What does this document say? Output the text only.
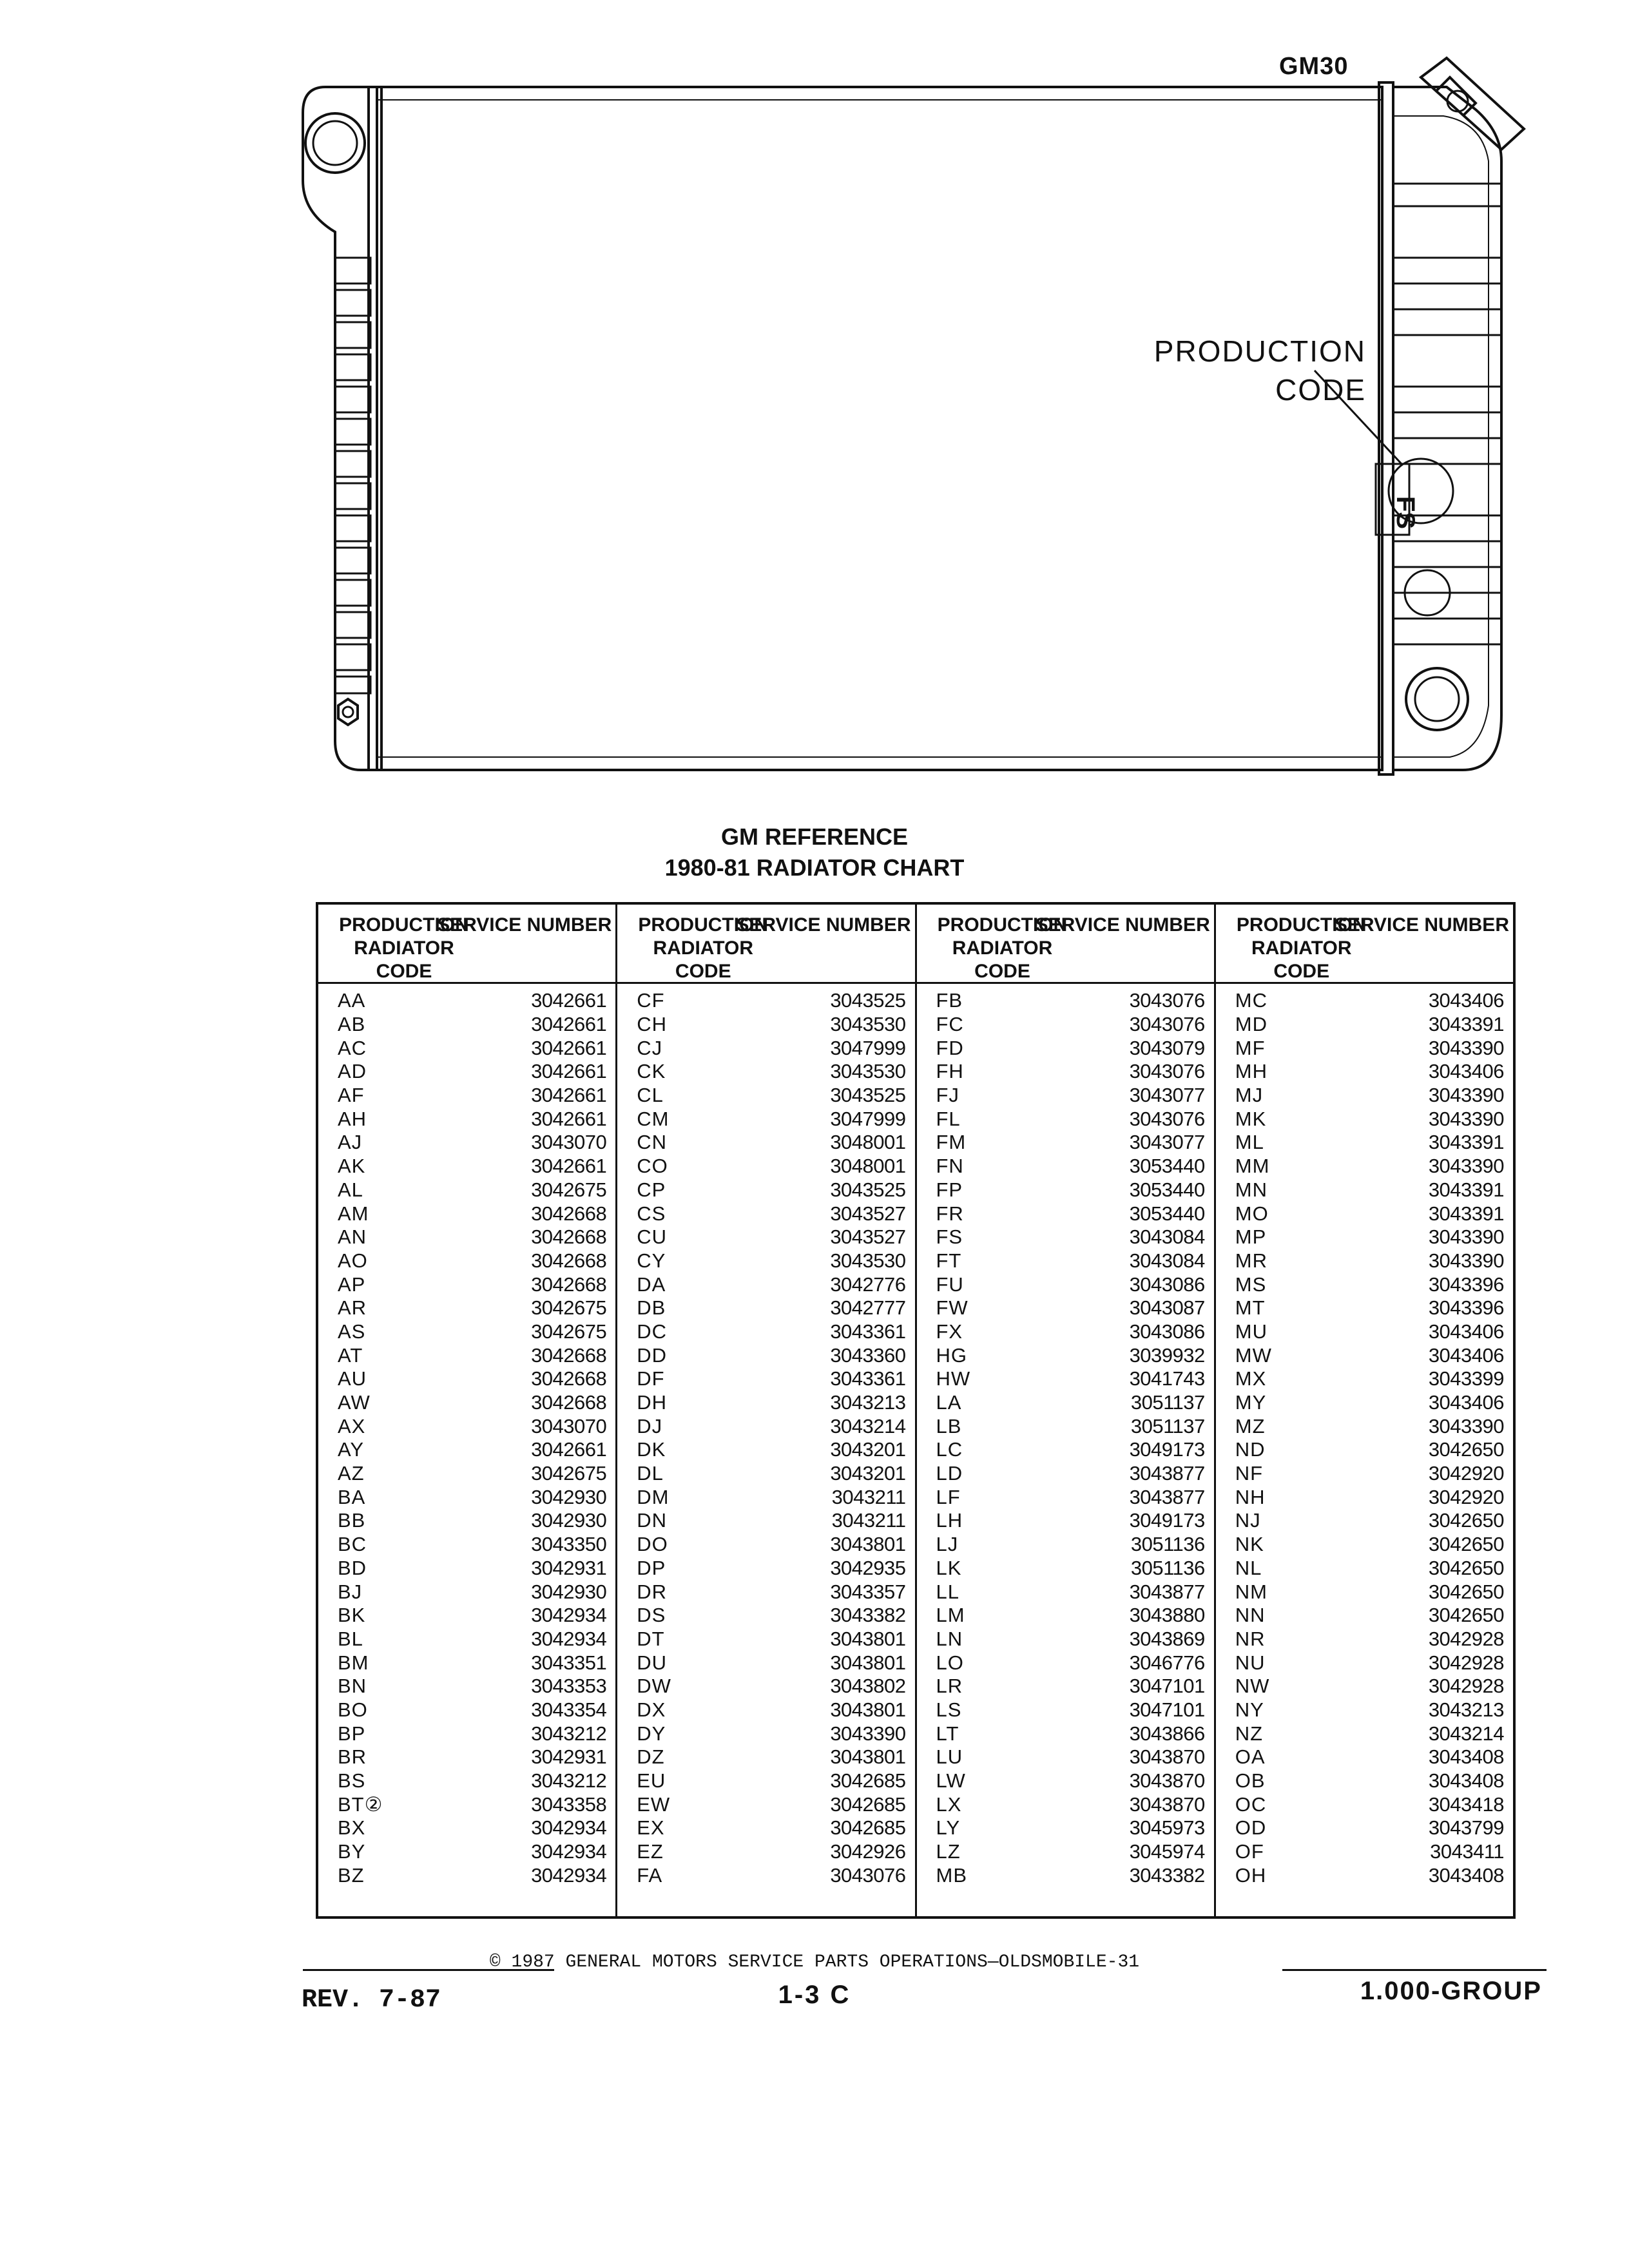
FS
GM30
PRODUCTION
CODE
GM REFERENCE
1980-81 RADIATOR CHART
PRODUCTION RADIATOR CODE
SERVICE NUMBER
AA	3042661
AB	3042661
AC	3042661
AD	3042661
AF	3042661
AH	3042661
AJ	3043070
AK	3042661
AL	3042675
AM	3042668
AN	3042668
AO	3042668
AP	3042668
AR	3042675
AS	3042675
AT	3042668
AU	3042668
AW	3042668
AX	3043070
AY	3042661
AZ	3042675
BA	3042930
BB	3042930
BC	3043350
BD	3042931
BJ	3042930
BK	3042934
BL	3042934
BM	3043351
BN	3043353
BO	3043354
BP	3043212
BR	3042931
BS	3043212
BT②	3043358
BX	3042934
BY	3042934
BZ	3042934
PRODUCTION RADIATOR CODE
SERVICE NUMBER
CF	3043525
CH	3043530
CJ	3047999
CK	3043530
CL	3043525
CM	3047999
CN	3048001
CO	3048001
CP	3043525
CS	3043527
CU	3043527
CY	3043530
DA	3042776
DB	3042777
DC	3043361
DD	3043360
DF	3043361
DH	3043213
DJ	3043214
DK	3043201
DL	3043201
DM	3043211
DN	3043211
DO	3043801
DP	3042935
DR	3043357
DS	3043382
DT	3043801
DU	3043801
DW	3043802
DX	3043801
DY	3043390
DZ	3043801
EU	3042685
EW	3042685
EX	3042685
EZ	3042926
FA	3043076
PRODUCTION RADIATOR CODE
SERVICE NUMBER
FB	3043076
FC	3043076
FD	3043079
FH	3043076
FJ	3043077
FL	3043076
FM	3043077
FN	3053440
FP	3053440
FR	3053440
FS	3043084
FT	3043084
FU	3043086
FW	3043087
FX	3043086
HG	3039932
HW	3041743
LA	3051137
LB	3051137
LC	3049173
LD	3043877
LF	3043877
LH	3049173
LJ	3051136
LK	3051136
LL	3043877
LM	3043880
LN	3043869
LO	3046776
LR	3047101
LS	3047101
LT	3043866
LU	3043870
LW	3043870
LX	3043870
LY	3045973
LZ	3045974
MB	3043382
PRODUCTION RADIATOR CODE
SERVICE NUMBER
MC	3043406
MD	3043391
MF	3043390
MH	3043406
MJ	3043390
MK	3043390
ML	3043391
MM	3043390
MN	3043391
MO	3043391
MP	3043390
MR	3043390
MS	3043396
MT	3043396
MU	3043406
MW	3043406
MX	3043399
MY	3043406
MZ	3043390
ND	3042650
NF	3042920
NH	3042920
NJ	3042650
NK	3042650
NL	3042650
NM	3042650
NN	3042650
NR	3042928
NU	3042928
NW	3042928
NY	3043213
NZ	3043214
OA	3043408
OB	3043408
OC	3043418
OD	3043799
OF	3043411
OH	3043408
© 1987 GENERAL MOTORS SERVICE PARTS OPERATIONS—OLDSMOBILE-31
REV. 7-87	1-3 C	1.000-GROUP
